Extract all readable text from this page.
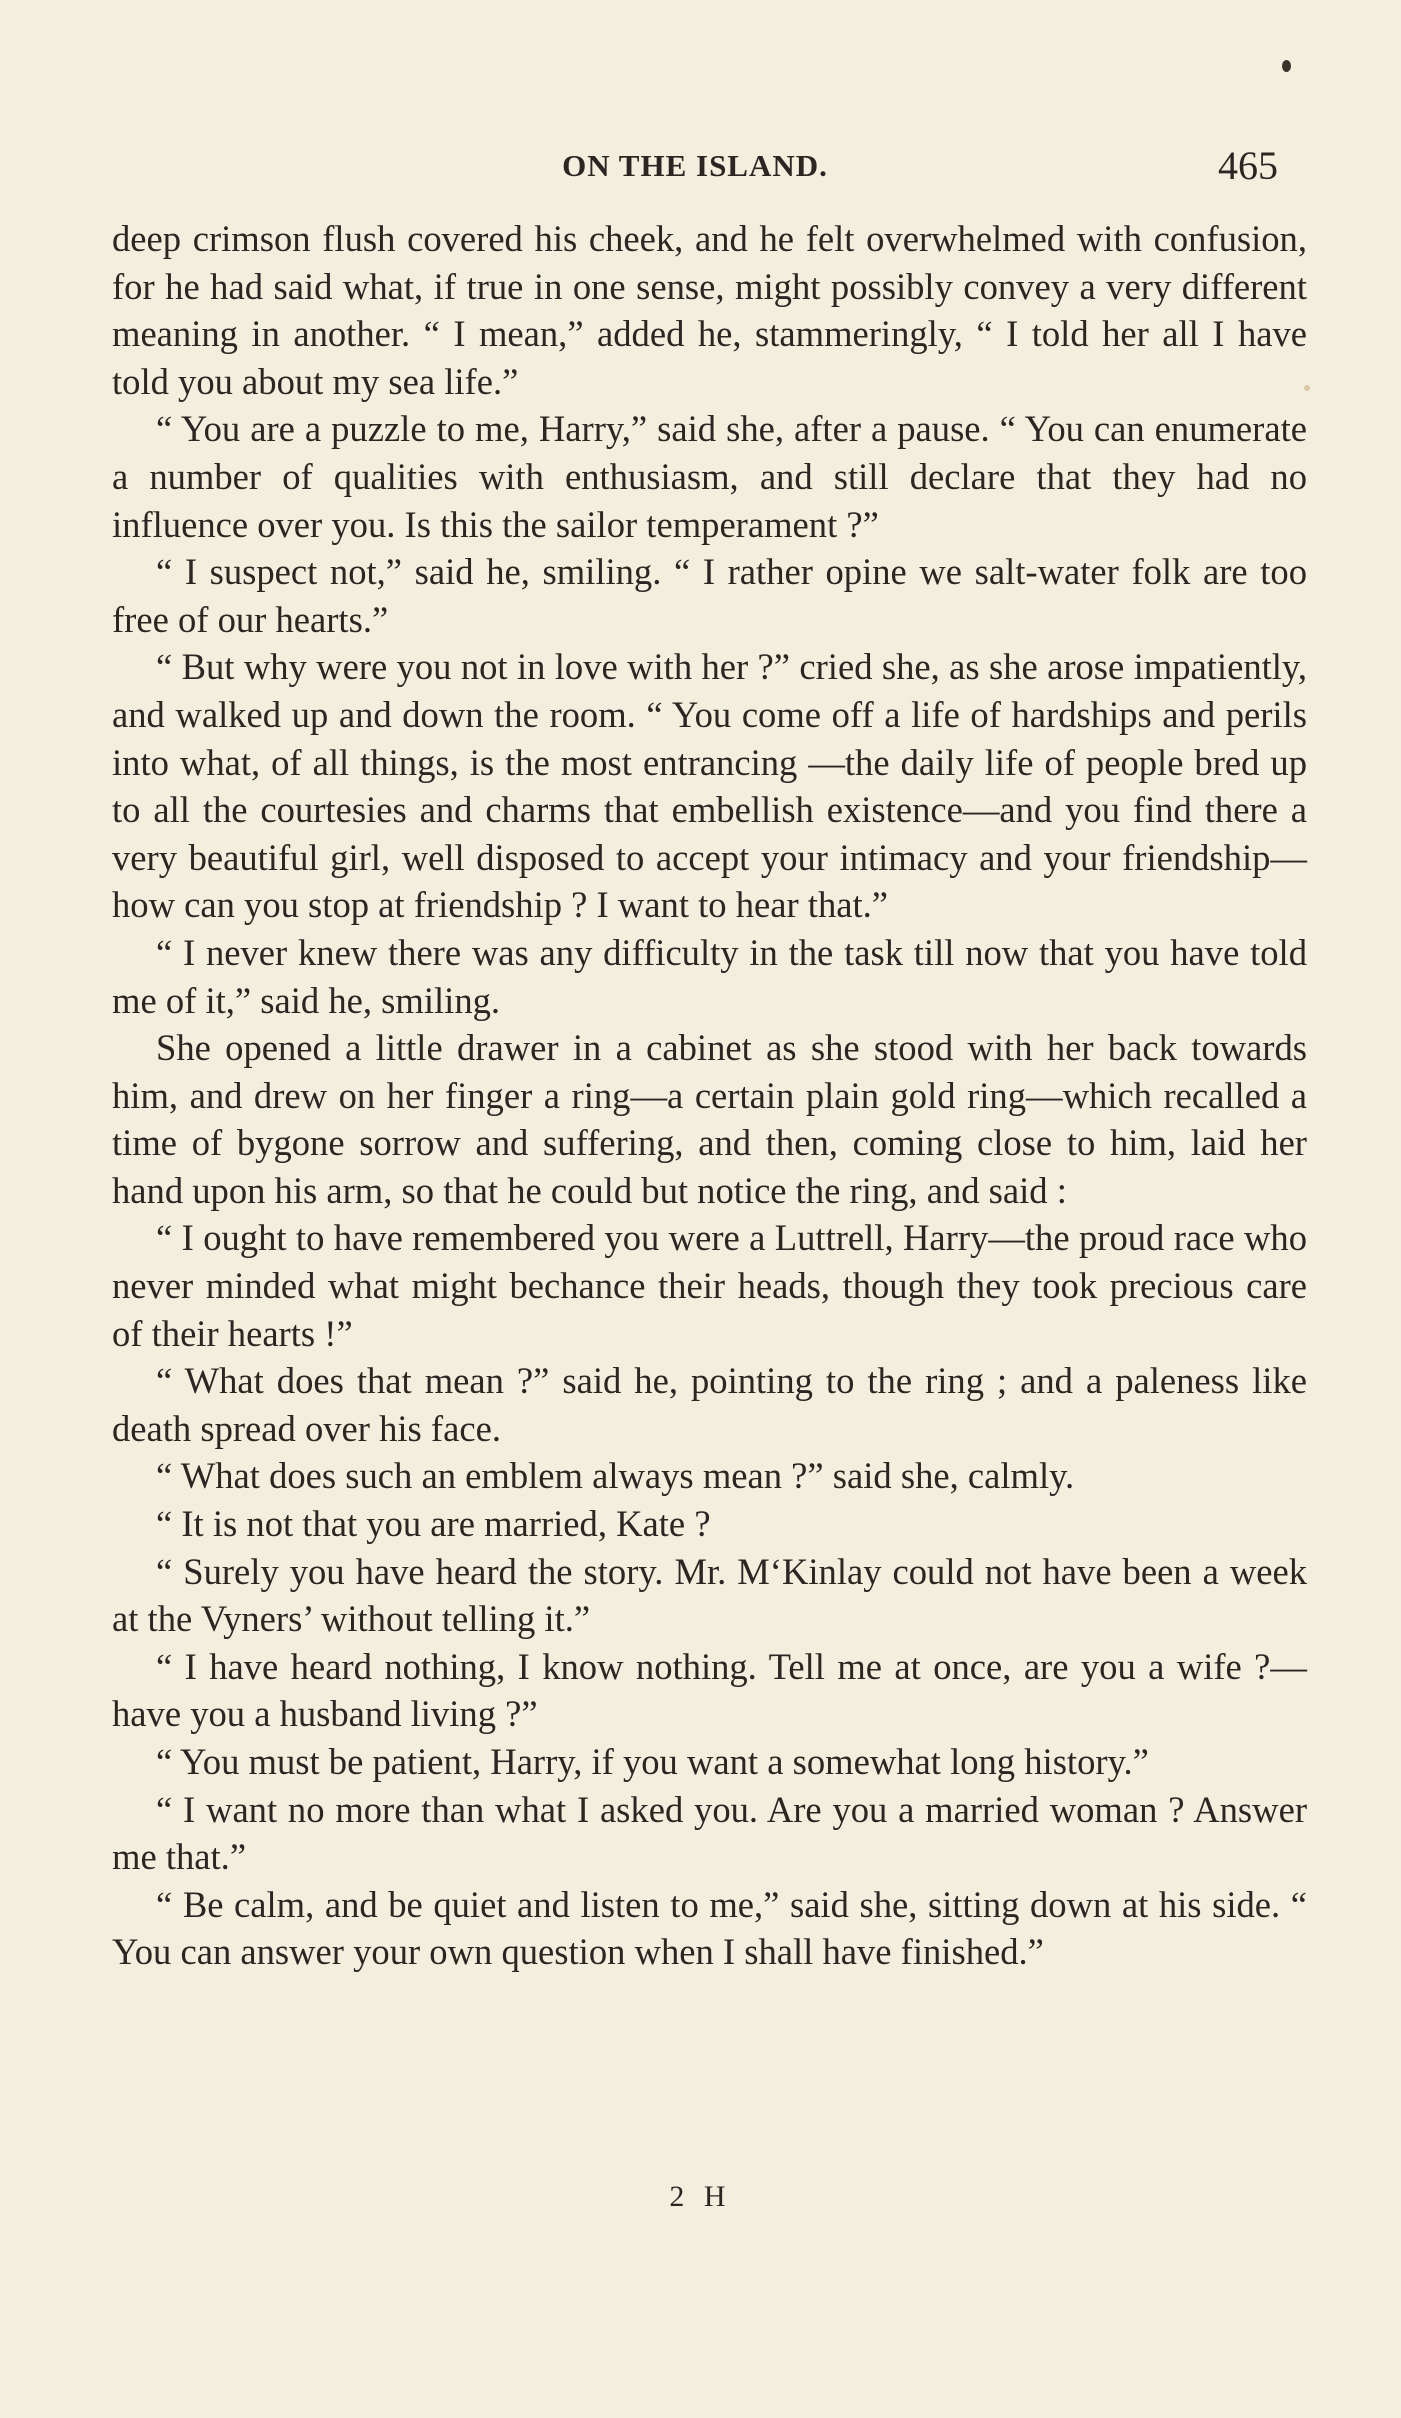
ON THE ISLAND.	465

deep crimson flush covered his cheek, and he felt overwhelmed with confusion, for he had said what, if true in one sense, might possibly convey a very different meaning in another. “ I mean,” added he, stammeringly, “ I told her all I have told you about my sea life.”

“ You are a puzzle to me, Harry,” said she, after a pause. “ You can enumerate a number of qualities with enthusiasm, and still declare that they had no influence over you. Is this the sailor temperament ?”

“ I suspect not,” said he, smiling. “ I rather opine we salt-water folk are too free of our hearts.”

“ But why were you not in love with her ?” cried she, as she arose impatiently, and walked up and down the room. “ You come off a life of hardships and perils into what, of all things, is the most entrancing —the daily life of people bred up to all the courtesies and charms that embellish existence—and you find there a very beautiful girl, well disposed to accept your intimacy and your friendship—how can you stop at friendship ? I want to hear that.”

“ I never knew there was any difficulty in the task till now that you have told me of it,” said he, smiling.

She opened a little drawer in a cabinet as she stood with her back towards him, and drew on her finger a ring—a certain plain gold ring—which recalled a time of bygone sorrow and suffering, and then, coming close to him, laid her hand upon his arm, so that he could but notice the ring, and said :

“ I ought to have remembered you were a Luttrell, Harry—the proud race who never minded what might bechance their heads, though they took precious care of their hearts !”

“ What does that mean ?” said he, pointing to the ring ; and a paleness like death spread over his face.

“ What does such an emblem always mean ?” said she, calmly.

“ It is not that you are married, Kate ?

“ Surely you have heard the story. Mr. M‘Kinlay could not have been a week at the Vyners’ without telling it.”

“ I have heard nothing, I know nothing. Tell me at once, are you a wife ?—have you a husband living ?”

“ You must be patient, Harry, if you want a somewhat long history.”

“ I want no more than what I asked you. Are you a married woman ? Answer me that.”

“ Be calm, and be quiet and listen to me,” said she, sitting down at his side. “ You can answer your own question when I shall have finished.”

2 H
